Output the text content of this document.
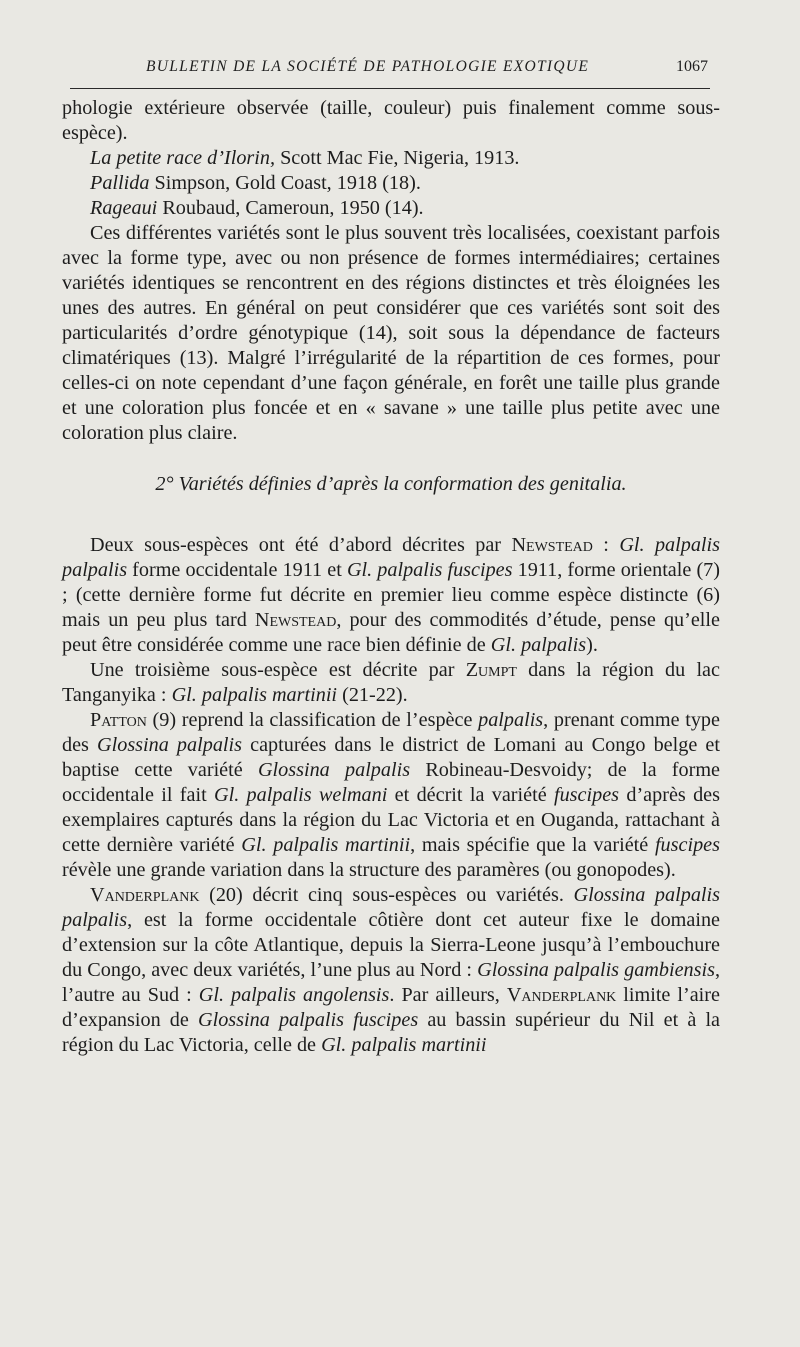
BULLETIN DE LA SOCIÉTÉ DE PATHOLOGIE EXOTIQUE	1067

phologie extérieure observée (taille, couleur) puis finalement comme sous-espèce).

La petite race d’Ilorin, Scott Mac Fie, Nigeria, 1913.

Pallida Simpson, Gold Coast, 1918 (18).

Rageaui Roubaud, Cameroun, 1950 (14).

Ces différentes variétés sont le plus souvent très localisées, coexistant parfois avec la forme type, avec ou non présence de formes intermédiaires; certaines variétés identiques se rencontrent en des régions distinctes et très éloignées les unes des autres. En général on peut considérer que ces variétés sont soit des particularités d’ordre génotypique (14), soit sous la dépendance de facteurs climatériques (13). Malgré l’irrégularité de la répartition de ces formes, pour celles-ci on note cependant d’une façon générale, en forêt une taille plus grande et une coloration plus foncée et en « savane » une taille plus petite avec une coloration plus claire.

2° Variétés définies d’après la conformation des genitalia.

Deux sous-espèces ont été d’abord décrites par Newstead : Gl. palpalis palpalis forme occidentale 1911 et Gl. palpalis fuscipes 1911, forme orientale (7) ; (cette dernière forme fut décrite en premier lieu comme espèce distincte (6) mais un peu plus tard Newstead, pour des commodités d’étude, pense qu’elle peut être considérée comme une race bien définie de Gl. palpalis).

Une troisième sous-espèce est décrite par Zumpt dans la région du lac Tanganyika : Gl. palpalis martinii (21-22).

Patton (9) reprend la classification de l’espèce palpalis, prenant comme type des Glossina palpalis capturées dans le district de Lomani au Congo belge et baptise cette variété Glossina palpalis Robineau-Desvoidy; de la forme occidentale il fait Gl. palpalis welmani et décrit la variété fuscipes d’après des exemplaires capturés dans la région du Lac Victoria et en Ouganda, rattachant à cette dernière variété Gl. palpalis martinii, mais spécifie que la variété fuscipes révèle une grande variation dans la structure des paramères (ou gonopodes).

Vanderplank (20) décrit cinq sous-espèces ou variétés. Glossina palpalis palpalis, est la forme occidentale côtière dont cet auteur fixe le domaine d’extension sur la côte Atlantique, depuis la Sierra-Leone jusqu’à l’embouchure du Congo, avec deux variétés, l’une plus au Nord : Glossina palpalis gambiensis, l’autre au Sud : Gl. palpalis angolensis. Par ailleurs, Vanderplank limite l’aire d’expansion de Glossina palpalis fuscipes au bassin supérieur du Nil et à la région du Lac Victoria, celle de Gl. palpalis martinii
